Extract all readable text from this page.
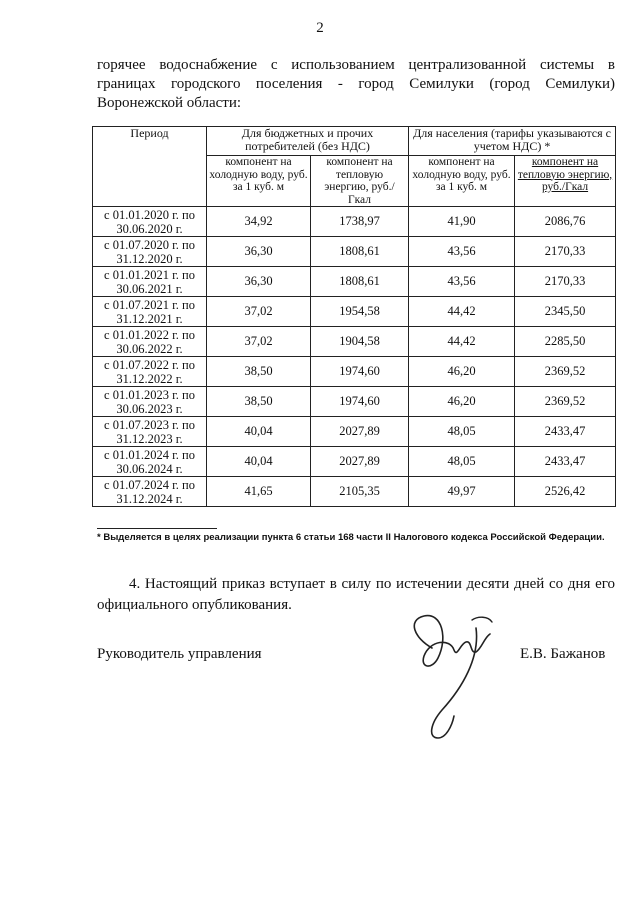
2
горячее водоснабжение с использованием централизованной системы в границах городского поселения - город Семилуки (город Семилуки) Воронежской области:
Период	Для бюджетных и прочих потребителей (без НДС)		Для населения (тарифы указываются с учетом НДС) *	
	компонент на холодную воду, руб. за 1 куб. м	компонент на тепловую энергию, руб./Гкал	компонент на холодную воду, руб. за 1 куб. м	компонент на тепловую энергию, руб./Гкал

с 01.01.2020 г. по
30.06.2020 г.	34,92	1738,97	41,90	2086,76

с 01.07.2020 г. по
31.12.2020 г.	36,30	1808,61	43,56	2170,33

с 01.01.2021 г. по
30.06.2021 г.	36,30	1808,61	43,56	2170,33

с 01.07.2021 г. по
31.12.2021 г.	37,02	1954,58	44,42	2345,50

с 01.01.2022 г. по
30.06.2022 г.	37,02	1904,58	44,42	2285,50

с 01.07.2022 г. по
31.12.2022 г.	38,50	1974,60	46,20	2369,52

с 01.01.2023 г. по
30.06.2023 г.	38,50	1974,60	46,20	2369,52

с 01.07.2023 г. по
31.12.2023 г.	40,04	2027,89	48,05	2433,47

с 01.01.2024 г. по
30.06.2024 г.	40,04	2027,89	48,05	2433,47

с 01.07.2024 г. по
31.12.2024 г.	41,65	2105,35	49,97	2526,42
* Выделяется в целях реализации пункта 6 статьи 168 части II Налогового кодекса Российской Федерации.
4. Настоящий приказ вступает в силу по истечении десяти дней со дня его официального опубликования.
Руководитель управления	Е.В. Бажанов
